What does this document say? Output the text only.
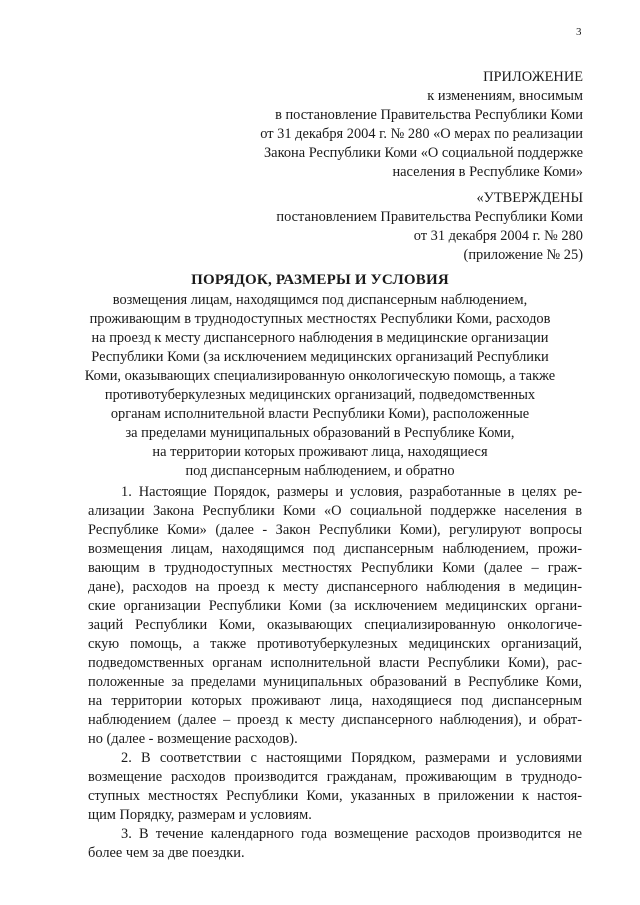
3
ПРИЛОЖЕНИЕ
к изменениям, вносимым
в постановление Правительства Республики Коми
от 31 декабря 2004 г. № 280 «О мерах по реализации
Закона Республики Коми «О социальной поддержке
населения в Республике Коми»
«УТВЕРЖДЕНЫ
постановлением Правительства Республики Коми
от 31 декабря 2004 г. № 280
(приложение № 25)
ПОРЯДОК, РАЗМЕРЫ И УСЛОВИЯ
возмещения лицам, находящимся под диспансерным наблюдением,
проживающим в труднодоступных местностях Республики Коми, расходов
на проезд к месту диспансерного наблюдения в медицинские организации
Республики Коми (за исключением медицинских организаций Республики
Коми, оказывающих специализированную онкологическую помощь, а также
противотуберкулезных медицинских организаций, подведомственных
органам исполнительной власти Республики Коми), расположенные
за пределами муниципальных образований в Республике Коми,
на территории которых проживают лица, находящиеся
под диспансерным наблюдением, и обратно
1. Настоящие Порядок, размеры и условия, разработанные в целях ре-
ализации Закона Республики Коми «О социальной поддержке населения в
Республике Коми» (далее - Закон Республики Коми), регулируют вопросы
возмещения лицам, находящимся под диспансерным наблюдением, прожи-
вающим в труднодоступных местностях Республики Коми (далее – граж-
дане), расходов на проезд к месту диспансерного наблюдения в медицин-
ские организации Республики Коми (за исключением медицинских органи-
заций Республики Коми, оказывающих специализированную онкологиче-
скую помощь, а также противотуберкулезных медицинских организаций,
подведомственных органам исполнительной власти Республики Коми), рас-
положенные за пределами муниципальных образований в Республике Коми,
на территории которых проживают лица, находящиеся под диспансерным
наблюдением (далее – проезд к месту диспансерного наблюдения), и обрат-
но (далее - возмещение расходов).
2. В соответствии с настоящими Порядком, размерами и условиями
возмещение расходов производится гражданам, проживающим в труднодо-
ступных местностях Республики Коми, указанных в приложении к настоя-
щим Порядку, размерам и условиям.
3. В течение календарного года возмещение расходов производится не
более чем за две поездки.
